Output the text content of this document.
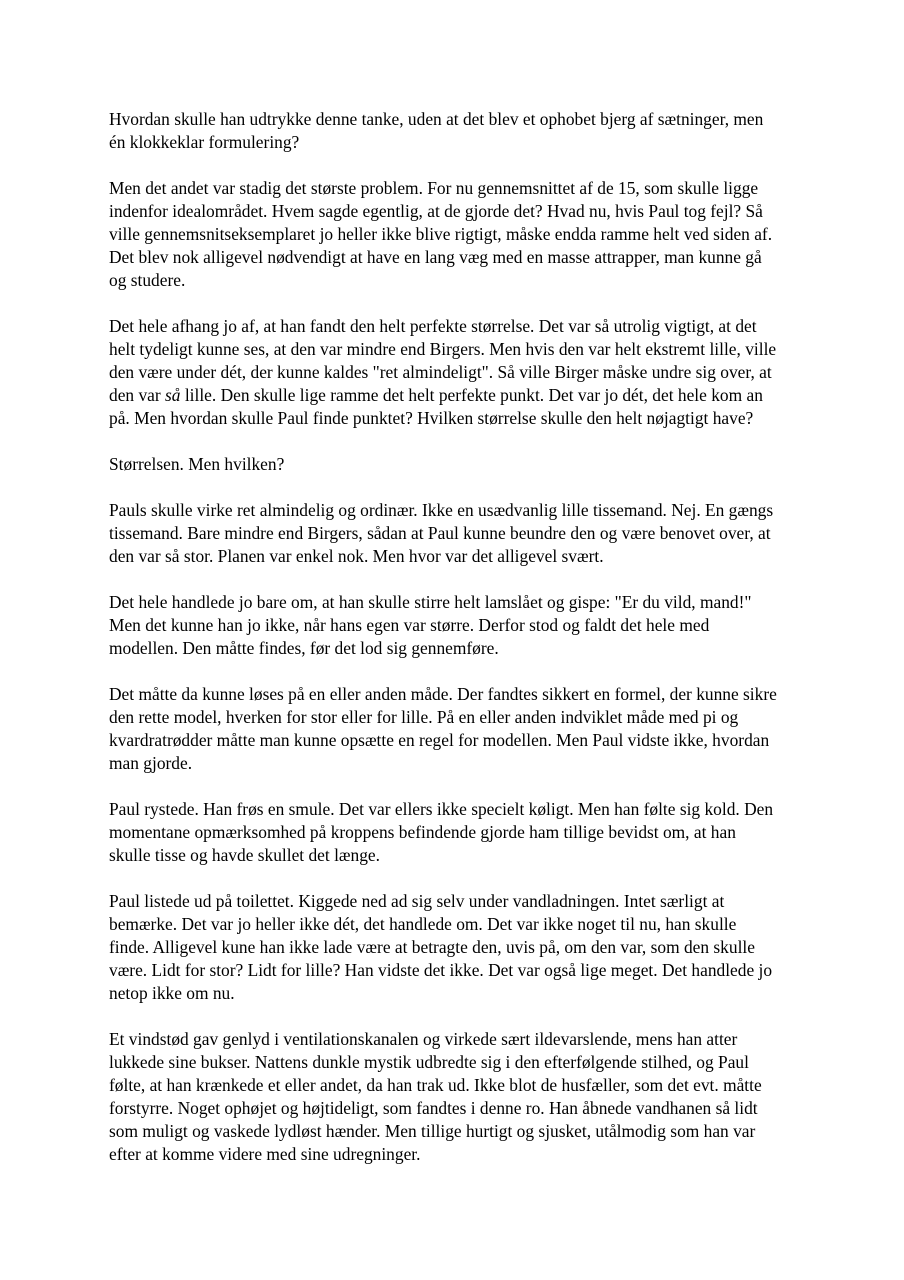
Hvordan skulle han udtrykke denne tanke, uden at det blev et ophobet bjerg af sætninger, men
én klokkeklar formulering?
Men det andet var stadig det største problem. For nu gennemsnittet af de 15, som skulle ligge
indenfor idealområdet. Hvem sagde egentlig, at de gjorde det? Hvad nu, hvis Paul tog fejl? Så
ville gennemsnitseksemplaret jo heller ikke blive rigtigt, måske endda ramme helt ved siden af.
Det blev nok alligevel nødvendigt at have en lang væg med en masse attrapper, man kunne gå
og studere.
Det hele afhang jo af, at han fandt den helt perfekte størrelse. Det var så utrolig vigtigt, at det
helt tydeligt kunne ses, at den var mindre end Birgers. Men hvis den var helt ekstremt lille, ville
den være under dét, der kunne kaldes "ret almindeligt". Så ville Birger måske undre sig over, at
den var så lille. Den skulle lige ramme det helt perfekte punkt. Det var jo dét, det hele kom an
på. Men hvordan skulle Paul finde punktet? Hvilken størrelse skulle den helt nøjagtigt have?
Størrelsen. Men hvilken?
Pauls skulle virke ret almindelig og ordinær. Ikke en usædvanlig lille tissemand. Nej. En gængs
tissemand. Bare mindre end Birgers, sådan at Paul kunne beundre den og være benovet over, at
den var så stor. Planen var enkel nok. Men hvor var det alligevel svært.
Det hele handlede jo bare om, at han skulle stirre helt lamslået og gispe: "Er du vild, mand!"
Men det kunne han jo ikke, når hans egen var større. Derfor stod og faldt det hele med
modellen. Den måtte findes, før det lod sig gennemføre.
Det måtte da kunne løses på en eller anden måde. Der fandtes sikkert en formel, der kunne sikre
den rette model, hverken for stor eller for lille. På en eller anden indviklet måde med pi og
kvardratrødder måtte man kunne opsætte en regel for modellen. Men Paul vidste ikke, hvordan
man gjorde.
Paul rystede. Han frøs en smule. Det var ellers ikke specielt køligt. Men han følte sig kold. Den
momentane opmærksomhed på kroppens befindende gjorde ham tillige bevidst om, at han
skulle tisse og havde skullet det længe.
Paul listede ud på toilettet. Kiggede ned ad sig selv under vandladningen. Intet særligt at
bemærke. Det var jo heller ikke dét, det handlede om. Det var ikke noget til nu, han skulle
finde. Alligevel kune han ikke lade være at betragte den, uvis på, om den var, som den skulle
være. Lidt for stor? Lidt for lille? Han vidste det ikke. Det var også lige meget. Det handlede jo
netop ikke om nu.
Et vindstød gav genlyd i ventilationskanalen og virkede sært ildevarslende, mens han atter
lukkede sine bukser. Nattens dunkle mystik udbredte sig i den efterfølgende stilhed, og Paul
følte, at han krænkede et eller andet, da han trak ud. Ikke blot de husfæller, som det evt. måtte
forstyrre. Noget ophøjet og højtideligt, som fandtes i denne ro. Han åbnede vandhanen så lidt
som muligt og vaskede lydløst hænder. Men tillige hurtigt og sjusket, utålmodig som han var
efter at komme videre med sine udregninger.
